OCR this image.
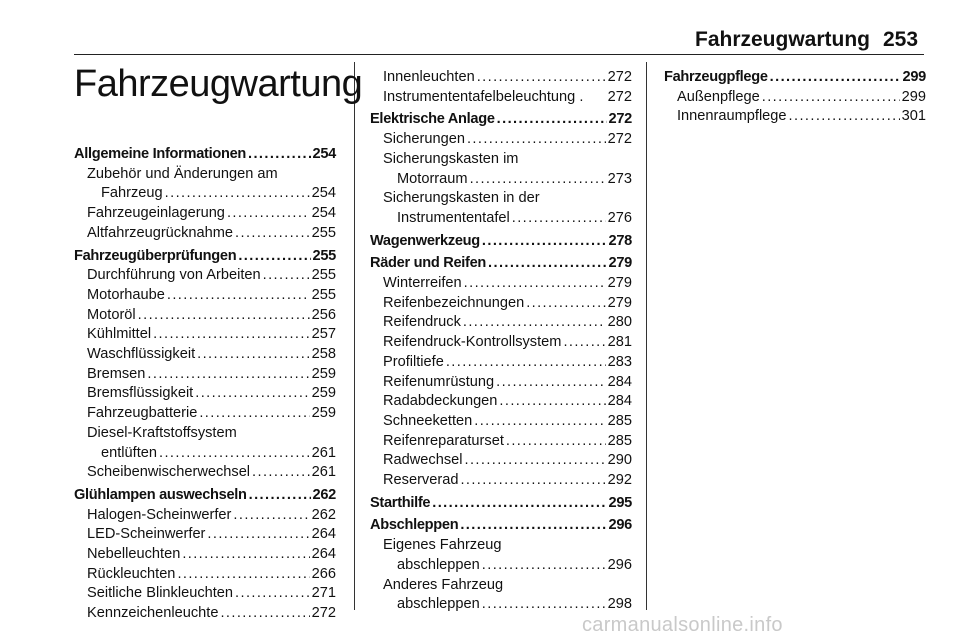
Fahrzeugwartung 253
Fahrzeugwartung
Allgemeine Informationen .....	254
Zubehör und Änderungen am
Fahrzeug .....	254
Fahrzeugeinlagerung .....	254
Altfahrzeugrücknahme .....	255
Fahrzeugüberprüfungen .....	255
Durchführung von Arbeiten .....	255
Motorhaube .....	255
Motoröl .....	256
Kühlmittel .....	257
Waschflüssigkeit .....	258
Bremsen .....	259
Bremsflüssigkeit .....	259
Fahrzeugbatterie .....	259
Diesel-Kraftstoffsystem
entlüften .....	261
Scheibenwischerwechsel .....	261
Glühlampen auswechseln .....	262
Halogen-Scheinwerfer .....	262
LED-Scheinwerfer .....	264
Nebelleuchten .....	264
Rückleuchten .....	266
Seitliche Blinkleuchten .....	271
Kennzeichenleuchte .....	272
Innenleuchten .....	272
Instrumententafelbeleuchtung . 272
Elektrische Anlage .....	272
Sicherungen .....	272
Sicherungskasten im
Motorraum .....	273
Sicherungskasten in der
Instrumententafel .....	276
Wagenwerkzeug .....	278
Räder und Reifen .....	279
Winterreifen .....	279
Reifenbezeichnungen .....	279
Reifendruck .....	280
Reifendruck-Kontrollsystem .....	281
Profiltiefe .....	283
Reifenumrüstung .....	284
Radabdeckungen .....	284
Schneeketten .....	285
Reifenreparaturset .....	285
Radwechsel .....	290
Reserverad .....	292
Starthilfe .....	295
Abschleppen .....	296
Eigenes Fahrzeug
abschleppen .....	296
Anderes Fahrzeug
abschleppen .....	298
Fahrzeugpflege .....	299
Außenpflege .....	299
Innenraumpflege .....	301
carmanualsonline.info
